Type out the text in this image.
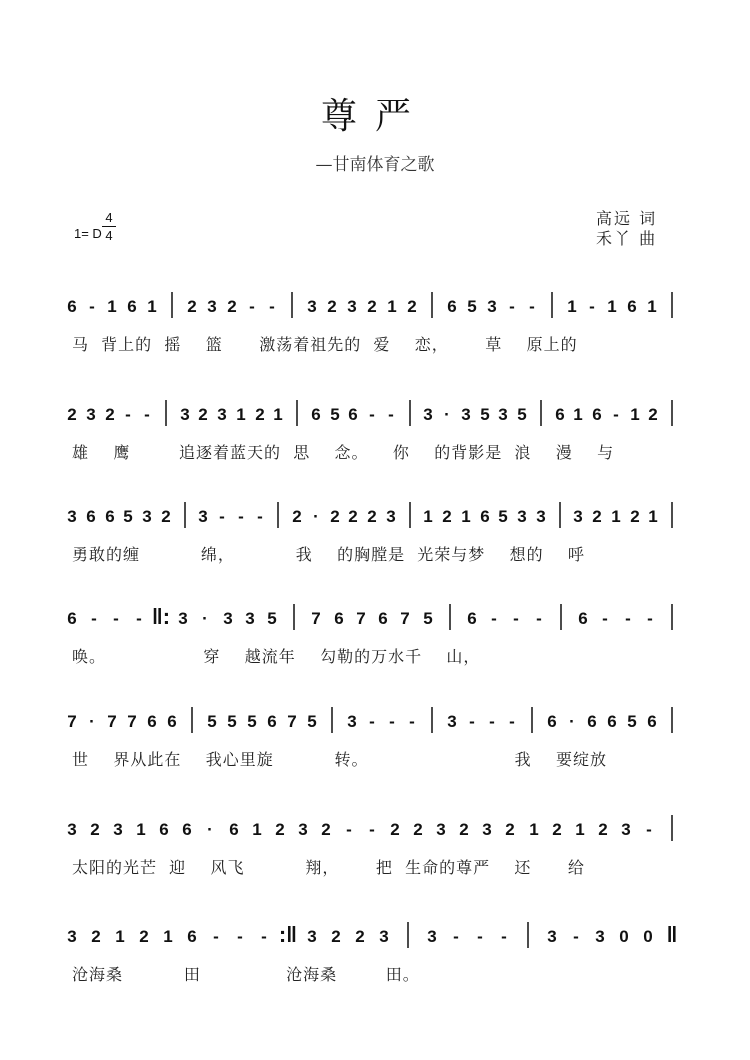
尊严
—甘南体育之歌
1= D
4
4
高远 词
禾丫 曲
6 - 1 6 1 2 3 2 - - 3 2 3 2 1 2 6 5 3 - - 1 - 1 6 1
马  背上的  摇    篮      激荡着祖先的  爱    恋，      草    原上的
2 3 2 - - 3 2 3 1 2 1 6 5 6 - - 3 · 3 5 3 5 6 1 6 - 1 2
雄    鹰        追逐着蓝天的  思    念。    你    的背影是  浪    漫    与
3 6 6 5 3 2 3 - - - 2 · 2 2 2 3 1 2 1 6 5 3 3 3 2 1 2 1
勇敢的缠          绵，          我    的胸膛是  光荣与梦    想的    呼
6 - - - ‖: 3 · 3 3 5 7 6 7 6 7 5 6 - - - 6 - - -
唤。                穿    越流年    勾勒的万水千    山，
7 · 7 7 6 6 5 5 5 6 7 5 3 - - - 3 - - - 6 · 6 6 5 6
世    界从此在    我心里旋          转。                        我    要绽放
3 2 3 1 6 6 · 6 1 2 3 2 - - 2 2 3 2 3 2 1 2 1 2 3 -
太阳的光芒  迎    风飞          翔，      把  生命的尊严    还      给
3 2 1 2 1 6 - - - :‖ 3 2 2 3 3 - - - 3 - 3 0 0 ‖
沧海桑          田              沧海桑        田。
